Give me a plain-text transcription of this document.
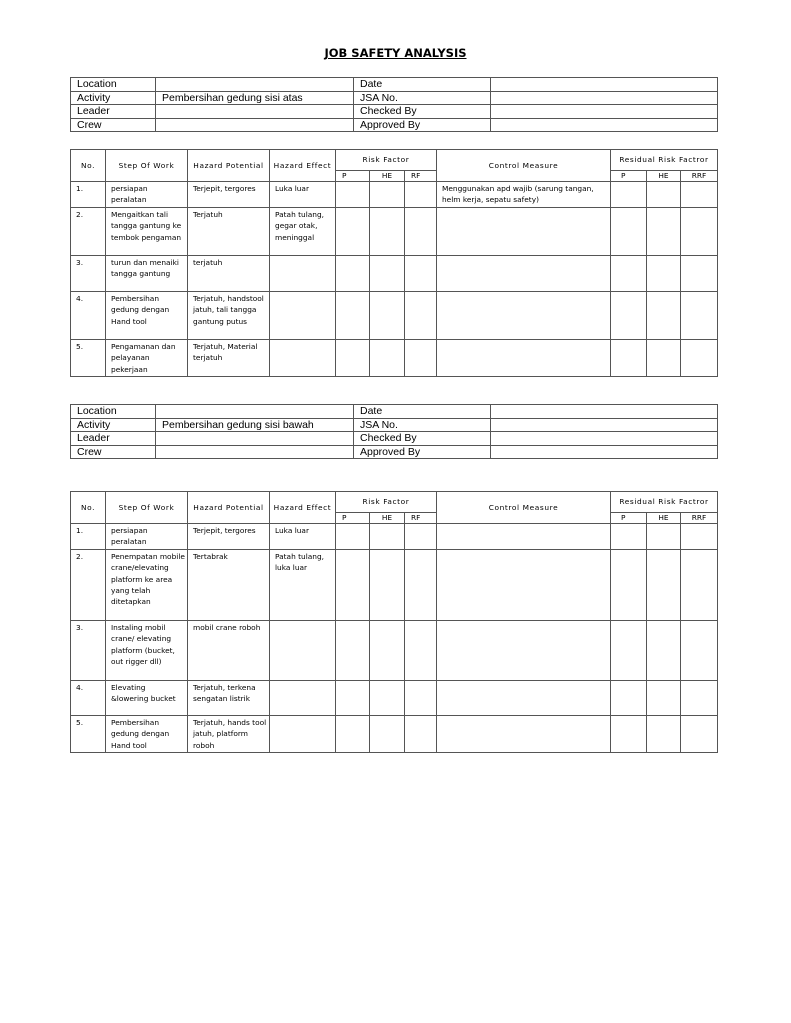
JOB SAFETY ANALYSIS
Location		Date	
Activity	Pembersihan gedung sisi atas	JSA No.	
Leader		Checked By	
Crew		Approved By	
No.	Step Of Work	Hazard Potential	Hazard Effect	Risk Factor			Control Measure	Residual Risk Factror		
				P	HE	RF		P	HE	RRF
1.	persiapan peralatan	Terjepit, tergores	Luka luar				Menggunakan apd wajib (sarung tangan, helm kerja, sepatu safety)			
2.	Mengaitkan tali tangga gantung ke tembok pengaman	Terjatuh	Patah tulang, gegar otak, meninggal							
3.	turun dan menaiki tangga gantung	terjatuh								
4.	Pembersihan gedung dengan Hand tool	Terjatuh, handstool jatuh, tali tangga gantung putus								
5.	Pengamanan dan pelayanan pekerjaan	Terjatuh, Material terjatuh								
Location		Date	
Activity	Pembersihan gedung sisi bawah	JSA No.	
Leader		Checked By	
Crew		Approved By	
No.	Step Of Work	Hazard Potential	Hazard Effect	Risk Factor			Control Measure	Residual Risk Factror		
				P	HE	RF		P	HE	RRF
1.	persiapan peralatan	Terjepit, tergores	Luka luar							
2.	Penempatan mobile crane/elevating platform ke area yang telah ditetapkan	Tertabrak	Patah tulang, luka luar							
3.	Instaling mobil crane/ elevating platform (bucket, out rigger dll)	mobil crane roboh								
4.	Elevating &lowering bucket	Terjatuh, terkena sengatan listrik								
5.	Pembersihan gedung dengan Hand tool	Terjatuh, hands tool jatuh, platform roboh								
